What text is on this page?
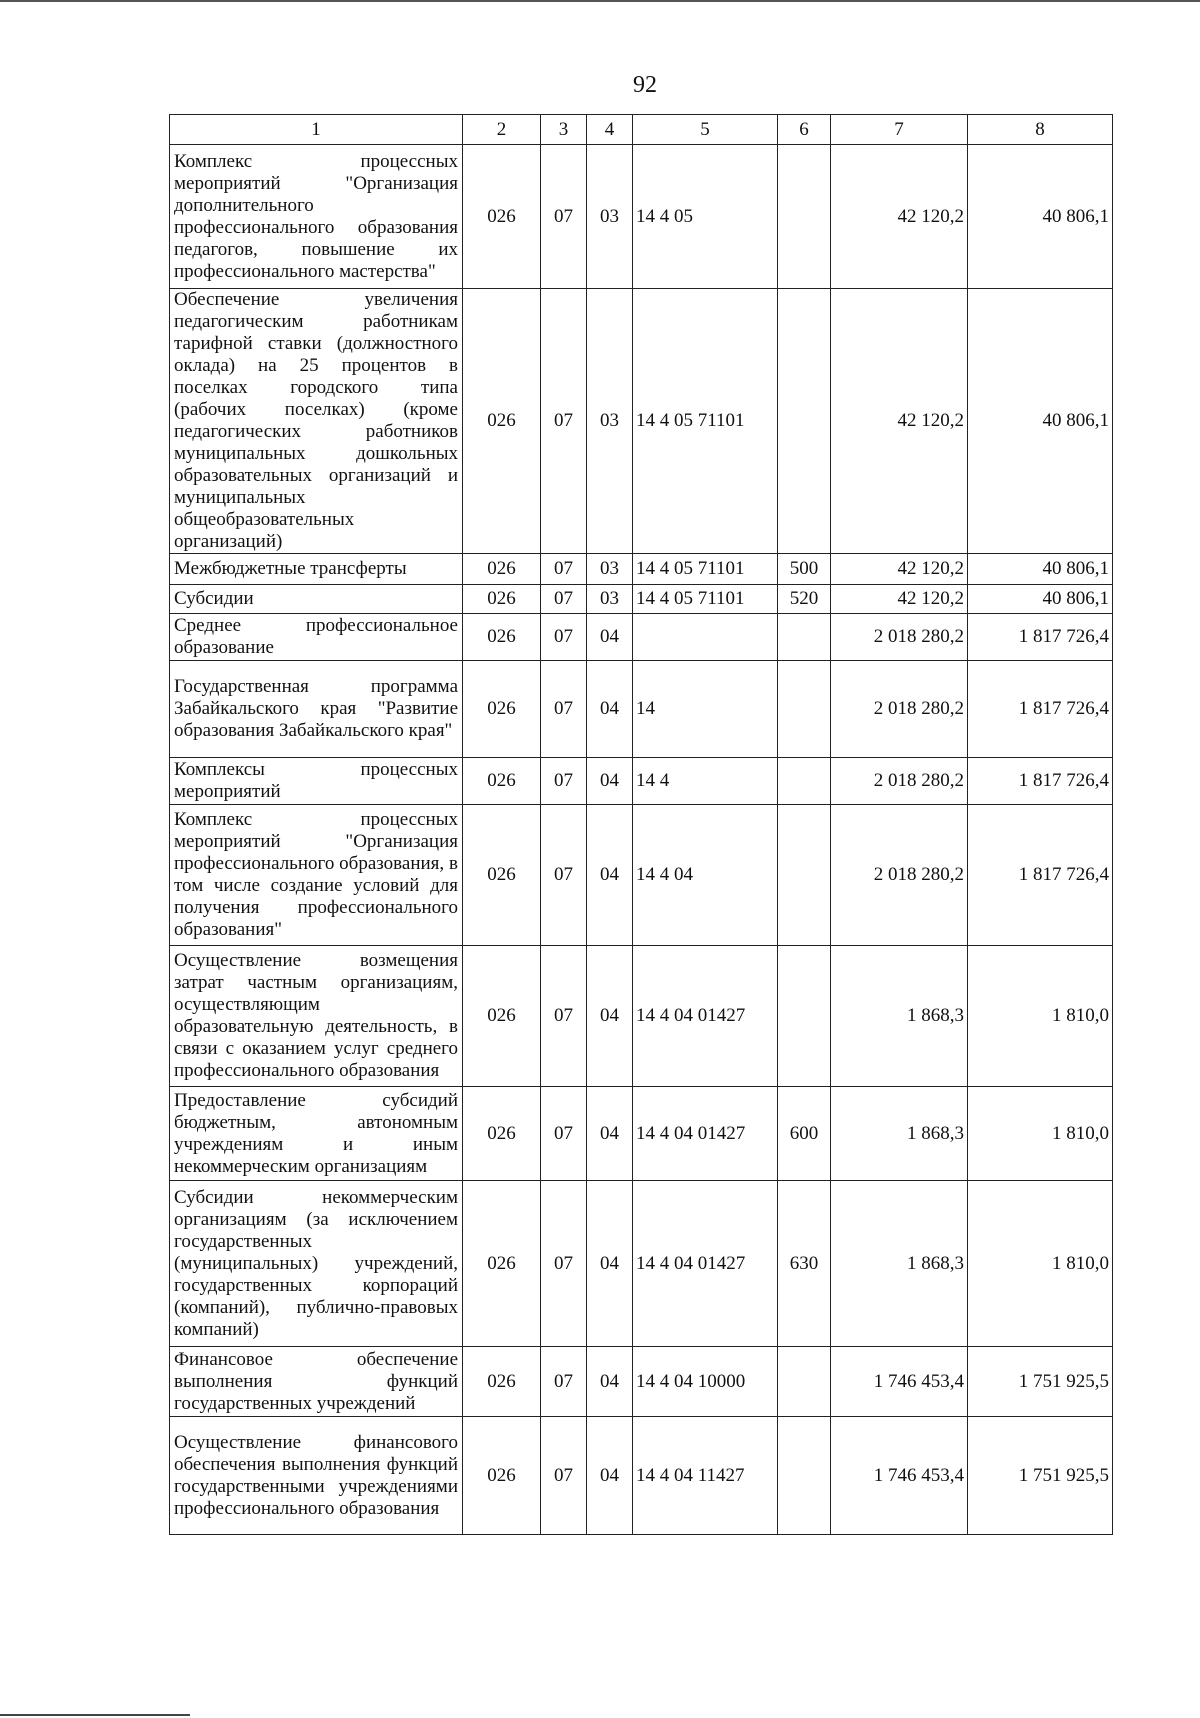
92
1	2	3	4	5	6	7	8
Комплекс процессных мероприятий "Организация дополнительного профессионального образования педагогов, повышение их профессионального мастерства"	026	07	03	14 4 05		42 120,2	40 806,1
Обеспечение увеличения педагогическим работникам тарифной ставки (должностного оклада) на 25 процентов в поселках городского типа (рабочих поселках) (кроме педагогических работников муниципальных дошкольных образовательных организаций и муниципальных общеобразовательных организаций)	026	07	03	14 4 05 71101		42 120,2	40 806,1
Межбюджетные трансферты	026	07	03	14 4 05 71101	500	42 120,2	40 806,1
Субсидии	026	07	03	14 4 05 71101	520	42 120,2	40 806,1
Среднее профессиональное образование	026	07	04			2 018 280,2	1 817 726,4
Государственная программа Забайкальского края "Развитие образования Забайкальского края"	026	07	04	14		2 018 280,2	1 817 726,4
Комплексы процессных мероприятий	026	07	04	14 4		2 018 280,2	1 817 726,4
Комплекс процессных мероприятий "Организация профессионального образования, в том числе создание условий для получения профессионального образования"	026	07	04	14 4 04		2 018 280,2	1 817 726,4
Осуществление возмещения затрат частным организациям, осуществляющим образовательную деятельность, в связи с оказанием услуг среднего профессионального образования	026	07	04	14 4 04 01427		1 868,3	1 810,0
Предоставление субсидий бюджетным, автономным учреждениям и иным некоммерческим организациям	026	07	04	14 4 04 01427	600	1 868,3	1 810,0
Субсидии некоммерческим организациям (за исключением государственных (муниципальных) учреждений, государственных корпораций (компаний), публично-правовых компаний)	026	07	04	14 4 04 01427	630	1 868,3	1 810,0
Финансовое обеспечение выполнения функций государственных учреждений	026	07	04	14 4 04 10000		1 746 453,4	1 751 925,5
Осуществление финансового обеспечения выполнения функций государственными учреждениями профессионального образования	026	07	04	14 4 04 11427		1 746 453,4	1 751 925,5
